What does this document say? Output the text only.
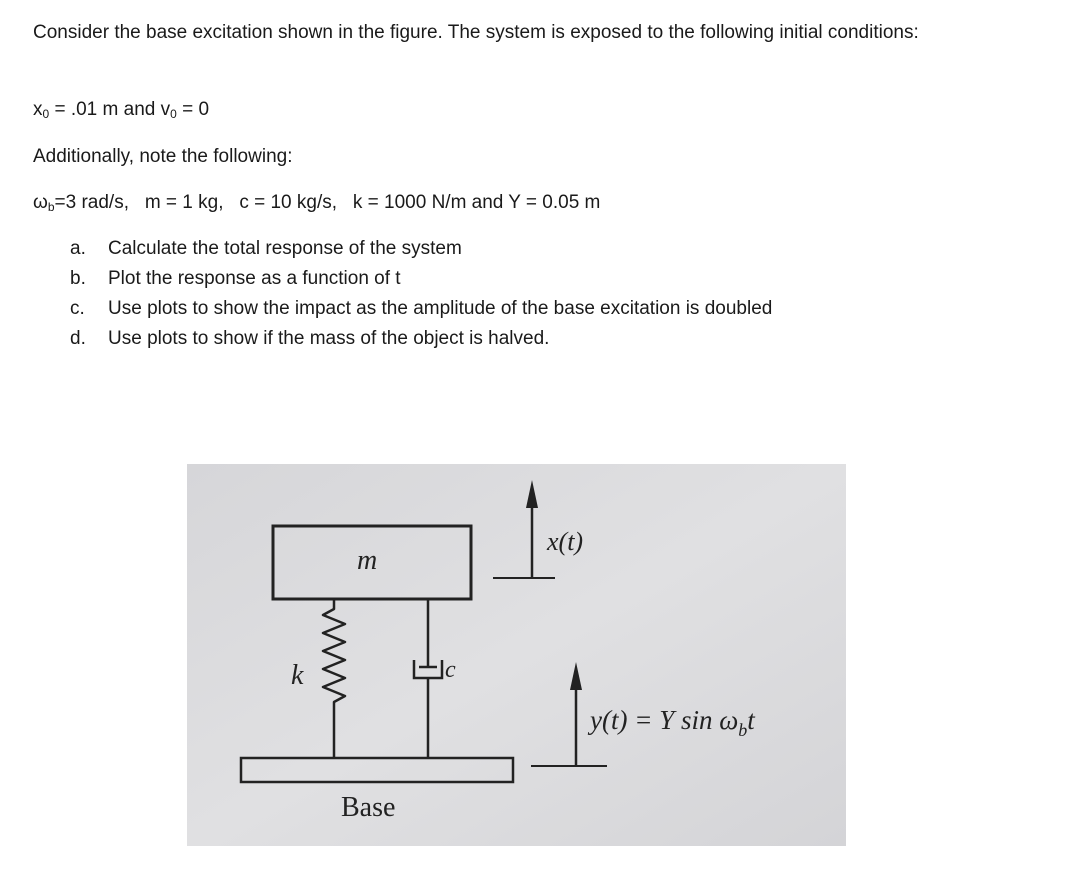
Consider the base excitation shown in the figure. The system is exposed to the following initial conditions:
$x_0 = .01$ m and $v_0 = 0$
Additionally, note the following:
$\omega_b=3$ rad/s,   m = 1 kg,   c = 10 kg/s,   k = 1000 N/m and Y = 0.05 m
a.	Calculate the total response of the system
b.	Plot the response as a function of t
c.	Use plots to show the impact as the amplitude of the base excitation is doubled
d.	Use plots to show if the mass of the object is halved.
m
k	c
Base
x(t)
y(t) = Y $\sin \omega_bt$
